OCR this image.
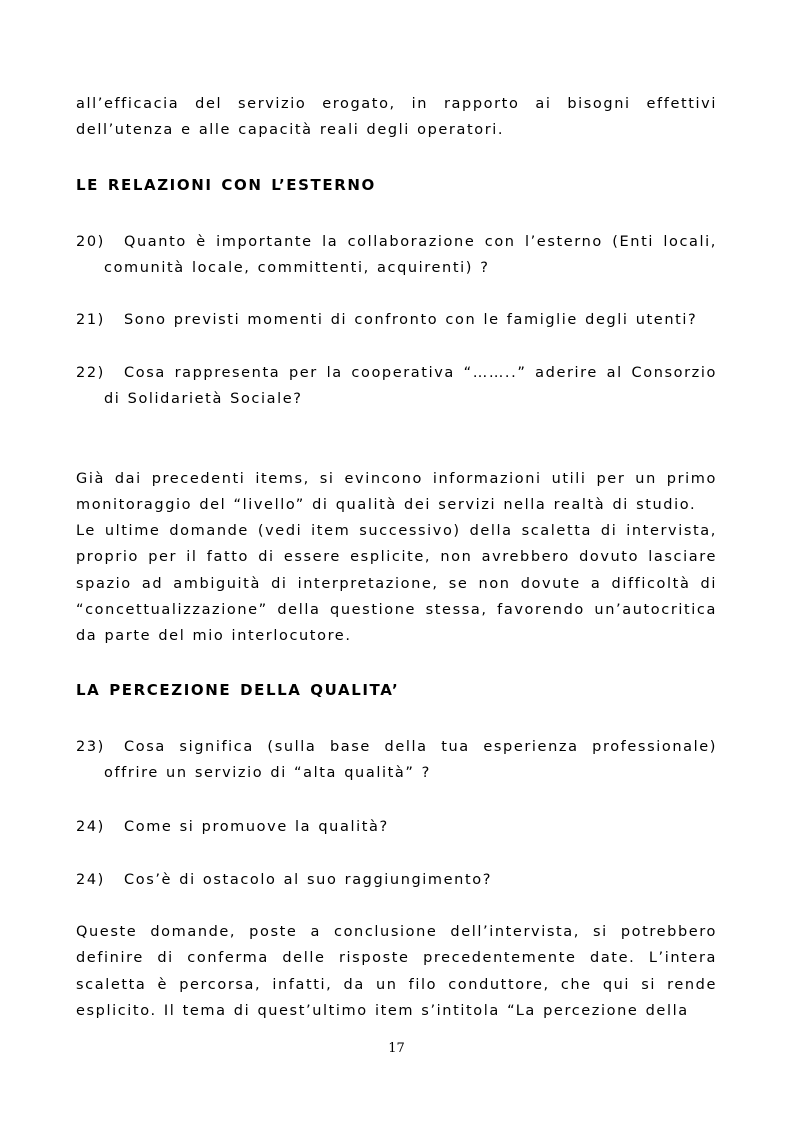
all’efficacia del servizio erogato, in rapporto ai bisogni effettivi dell’utenza e alle capacità reali degli operatori.
LE RELAZIONI CON L’ESTERNO
20)	Quanto è importante la collaborazione con l’esterno (Enti locali, comunità locale, committenti, acquirenti) ?
21)	Sono previsti momenti di confronto con le famiglie degli utenti?
22)	Cosa rappresenta per la cooperativa “……..” aderire al Consorzio di Solidarietà Sociale?
Già dai precedenti items, si evincono informazioni utili per un primo monitoraggio del “livello” di qualità dei servizi nella realtà di studio.
Le ultime domande (vedi item successivo) della scaletta di intervista, proprio per il fatto di essere esplicite, non avrebbero dovuto lasciare spazio ad ambiguità di interpretazione, se non dovute a difficoltà di “concettualizzazione” della questione stessa, favorendo un’autocritica da parte del mio interlocutore.
LA PERCEZIONE DELLA QUALITA’
23)	Cosa significa (sulla base della tua esperienza professionale) offrire un servizio di “alta qualità” ?
24)	Come si promuove la qualità?
24)	Cos’è di ostacolo al suo raggiungimento?
Queste domande, poste a conclusione dell’intervista, si potrebbero definire di conferma delle risposte precedentemente date. L’intera scaletta è percorsa, infatti, da un filo conduttore, che qui si rende esplicito. Il tema di quest’ultimo item s’intitola “La percezione della
17
